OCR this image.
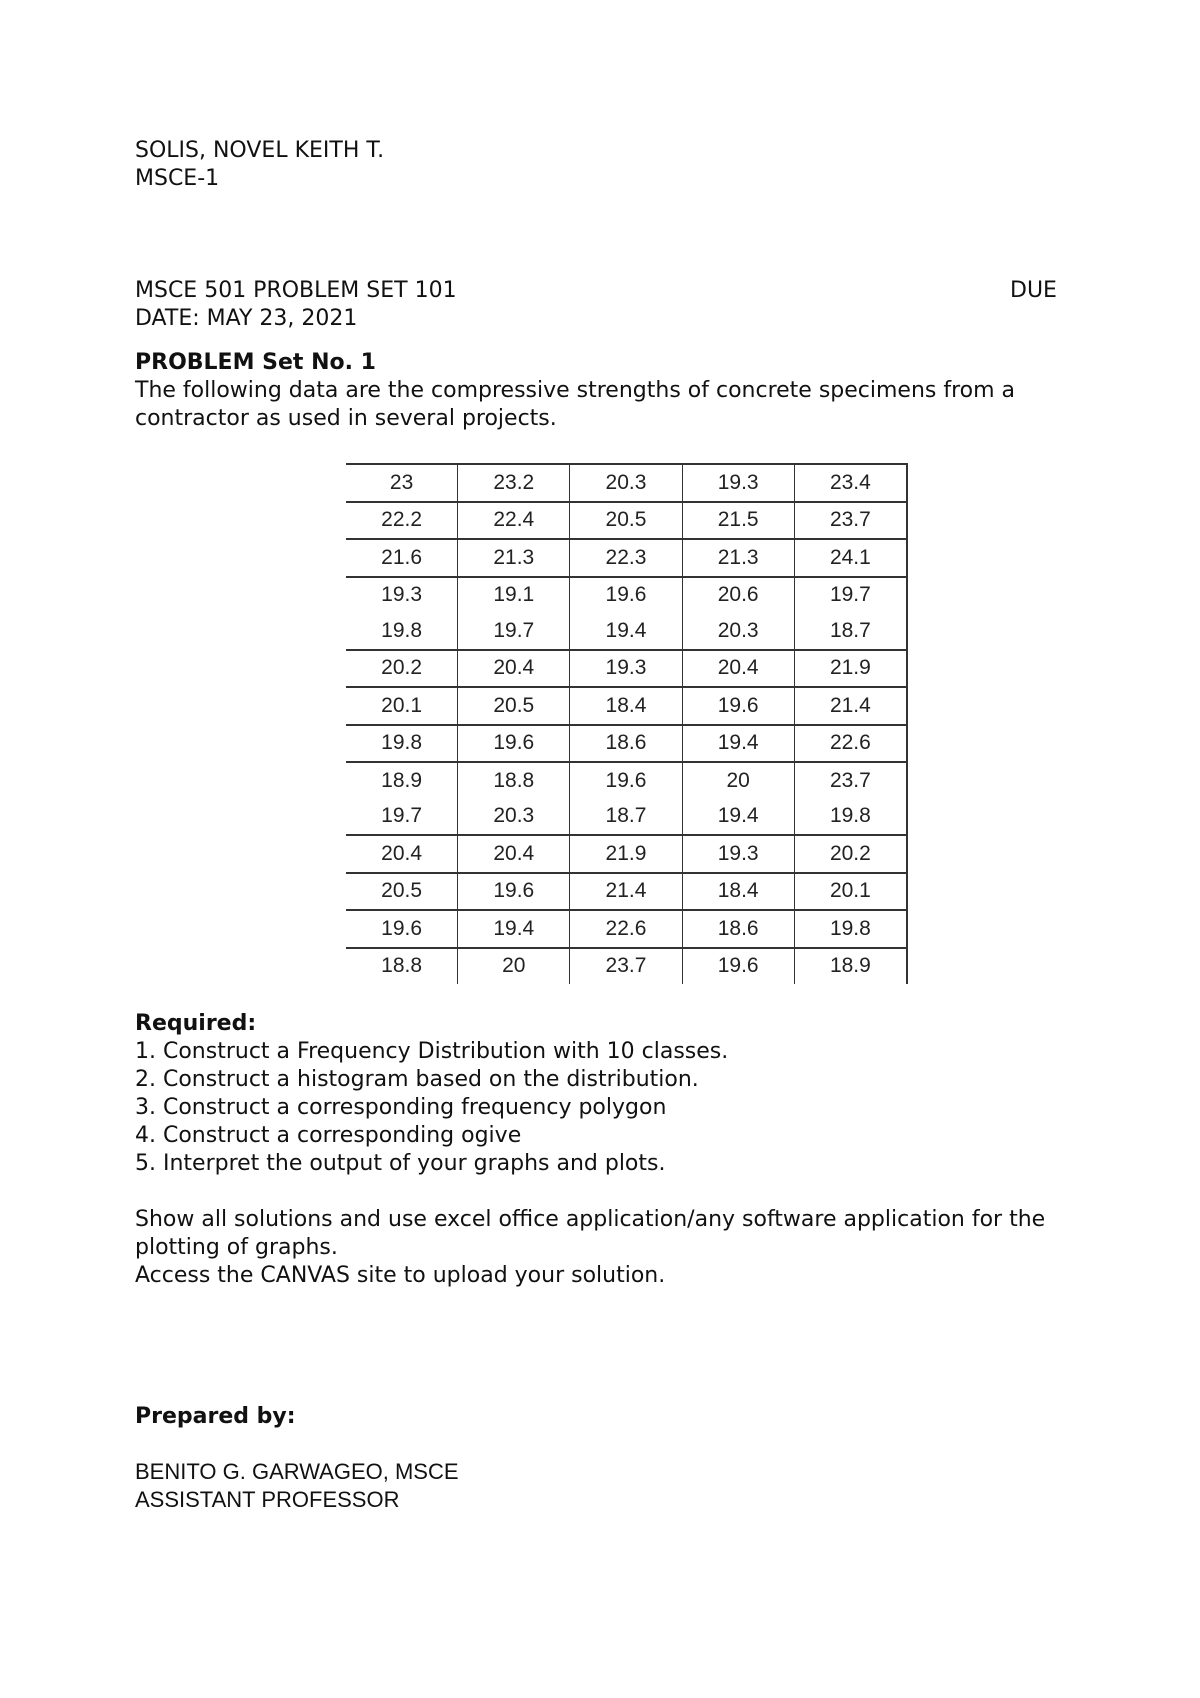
SOLIS, NOVEL KEITH T.
MSCE-1
MSCE 501 PROBLEM SET 101	DUE
DATE: MAY 23, 2021
PROBLEM Set No. 1
The following data are the compressive strengths of concrete specimens from a
contractor as used in several projects.
23	23.2	20.3	19.3	23.4
22.2	22.4	20.5	21.5	23.7
21.6	21.3	22.3	21.3	24.1
19.3	19.1	19.6	20.6	19.7
19.8	19.7	19.4	20.3	18.7
20.2	20.4	19.3	20.4	21.9
20.1	20.5	18.4	19.6	21.4
19.8	19.6	18.6	19.4	22.6
18.9	18.8	19.6	20	23.7
19.7	20.3	18.7	19.4	19.8
20.4	20.4	21.9	19.3	20.2
20.5	19.6	21.4	18.4	20.1
19.6	19.4	22.6	18.6	19.8
18.8	20	23.7	19.6	18.9
Required:
1. Construct a Frequency Distribution with 10 classes.
2. Construct a histogram based on the distribution.
3. Construct a corresponding frequency polygon
4. Construct a corresponding ogive
5. Interpret the output of your graphs and plots.
Show all solutions and use excel office application/any software application for the
plotting of graphs.
Access the CANVAS site to upload your solution.
Prepared by:
BENITO G. GARWAGEO, MSCE
ASSISTANT PROFESSOR
